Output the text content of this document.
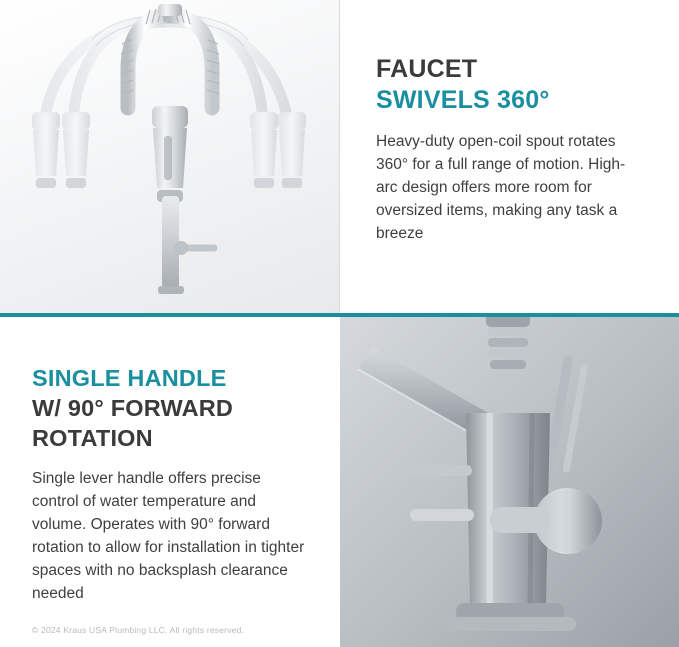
FAUCET
SWIVELS 360°

Heavy-duty open-coil spout rotates 360° for a full range of motion. High-arc design offers more room for oversized items, making any task a breeze

SINGLE HANDLE
W/ 90° FORWARD
ROTATION

Single lever handle offers precise control of water temperature and volume. Operates with 90° forward rotation to allow for installation in tighter spaces with no backsplash clearance needed

© 2024 Kraus USA Plumbing LLC. All rights reserved.
